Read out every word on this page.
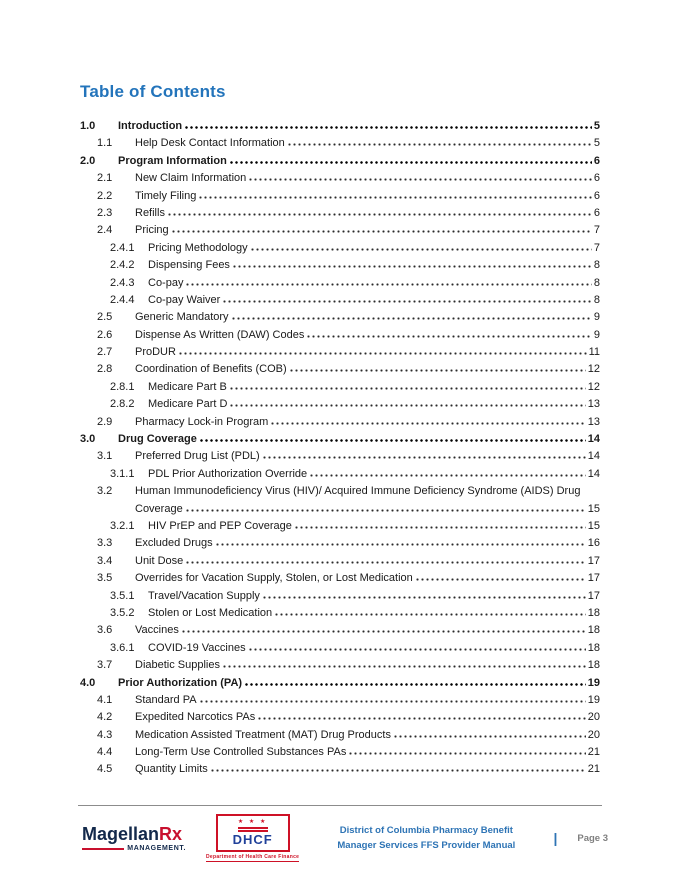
Table of Contents
1.0	Introduction	5
1.1	Help Desk Contact Information	5
2.0	Program Information	6
2.1	New Claim Information	6
2.2	Timely Filing	6
2.3	Refills	6
2.4	Pricing	7
2.4.1	Pricing Methodology	7
2.4.2	Dispensing Fees	8
2.4.3	Co-pay	8
2.4.4	Co-pay Waiver	8
2.5	Generic Mandatory	9
2.6	Dispense As Written (DAW) Codes	9
2.7	ProDUR	11
2.8	Coordination of Benefits (COB)	12
2.8.1	Medicare Part B	12
2.8.2	Medicare Part D	13
2.9	Pharmacy Lock-in Program	13
3.0	Drug Coverage	14
3.1	Preferred Drug List (PDL)	14
3.1.1	PDL Prior Authorization Override	14
3.2	Human Immunodeficiency Virus (HIV)/ Acquired Immune Deficiency Syndrome (AIDS) Drug
Coverage	15
3.2.1	HIV PrEP and PEP Coverage	15
3.3	Excluded Drugs	16
3.4	Unit Dose	17
3.5	Overrides for Vacation Supply, Stolen, or Lost Medication	17
3.5.1	Travel/Vacation Supply	17
3.5.2	Stolen or Lost Medication	18
3.6	Vaccines	18
3.6.1	COVID-19 Vaccines	18
3.7	Diabetic Supplies	18
4.0	Prior Authorization (PA)	19
4.1	Standard PA	19
4.2	Expedited Narcotics PAs	20
4.3	Medication Assisted Treatment (MAT) Drug Products	20
4.4	Long-Term Use Controlled Substances PAs	21
4.5	Quantity Limits	21
MagellanRx
MANAGEMENT.
★ ★ ★
DHCF
Department of Health Care Finance
District of Columbia Pharmacy Benefit
Manager Services FFS Provider Manual	| Page 3
